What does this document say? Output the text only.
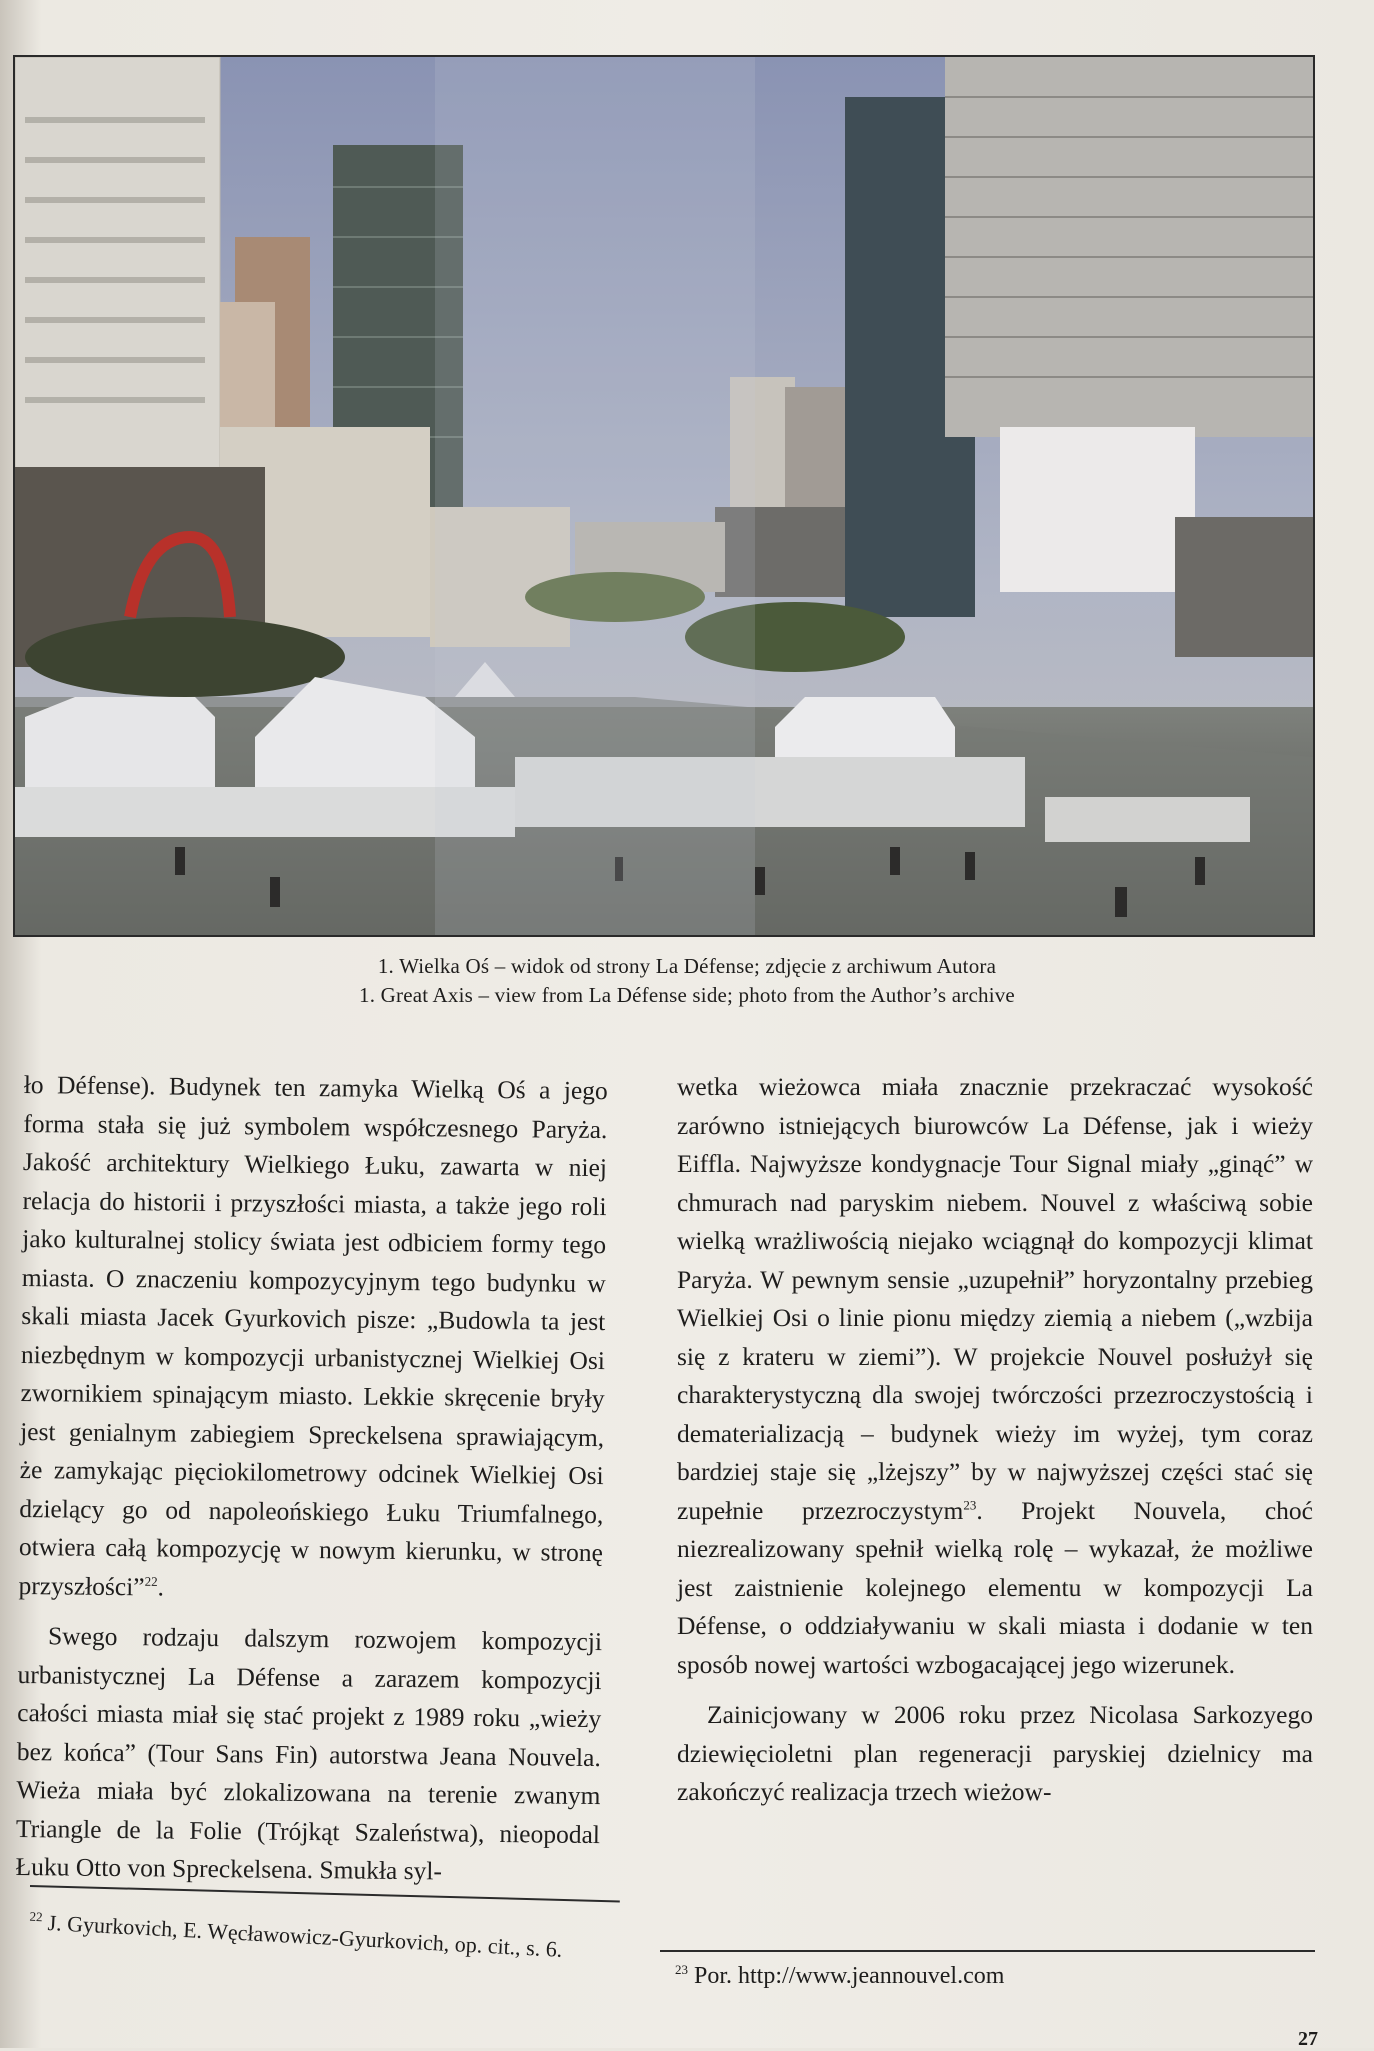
1. Wielka Oś – widok od strony La Défense; zdjęcie z archiwum Autora
1. Great Axis – view from La Défense side; photo from the Author’s archive

ło Défense). Budynek ten zamyka Wielką Oś a jego forma stała się już symbolem współczesnego Paryża. Jakość architektury Wielkiego Łuku, zawarta w niej relacja do historii i przyszłości miasta, a także jego roli jako kulturalnej stolicy świata jest odbiciem formy tego miasta. O znaczeniu kompozycyjnym tego budynku w skali miasta Jacek Gyurkovich pisze: „Budowla ta jest niezbędnym w kompozycji urbanistycznej Wielkiej Osi zwornikiem spinającym miasto. Lekkie skręcenie bryły jest genialnym zabiegiem Spreckelsena sprawiającym, że zamykając pięciokilometrowy odcinek Wielkiej Osi dzielący go od napoleońskiego Łuku Triumfalnego, otwiera całą kompozycję w nowym kierunku, w stronę przyszłości”$^{22}$.

Swego rodzaju dalszym rozwojem kompozycji urbanistycznej La Défense a zarazem kompozycji całości miasta miał się stać projekt z 1989 roku „wieży bez końca” (Tour Sans Fin) autorstwa Jeana Nouvela. Wieża miała być zlokalizowana na terenie zwanym Triangle de la Folie (Trójkąt Szaleństwa), nieopodal Łuku Otto von Spreckelsena. Smukła syl-

wetka wieżowca miała znacznie przekraczać wysokość zarówno istniejących biurowców La Défense, jak i wieży Eiffla. Najwyższe kondygnacje Tour Signal miały „ginąć” w chmurach nad paryskim niebem. Nouvel z właściwą sobie wielką wrażliwością niejako wciągnął do kompozycji klimat Paryża. W pewnym sensie „uzupełnił” horyzontalny przebieg Wielkiej Osi o linie pionu między ziemią a niebem („wzbija się z krateru w ziemi”). W projekcie Nouvel posłużył się charakterystyczną dla swojej twórczości przezroczystością i dematerializacją – budynek wieży im wyżej, tym coraz bardziej staje się „lżejszy” by w najwyższej części stać się zupełnie przezroczystym$^{23}$. Projekt Nouvela, choć niezrealizowany spełnił wielką rolę – wykazał, że możliwe jest zaistnienie kolejnego elementu w kompozycji La Défense, o oddziaływaniu w skali miasta i dodanie w ten sposób nowej wartości wzbogacającej jego wizerunek.

Zainicjowany w 2006 roku przez Nicolasa Sarkozyego dziewięcioletni plan regeneracji paryskiej dzielnicy ma zakończyć realizacja trzech wieżow-

$^{22}$ J. Gyurkovich, E. Węcławowicz-Gyurkovich, op. cit., s. 6.
$^{23}$ Por. http://www.jeannouvel.com
27
